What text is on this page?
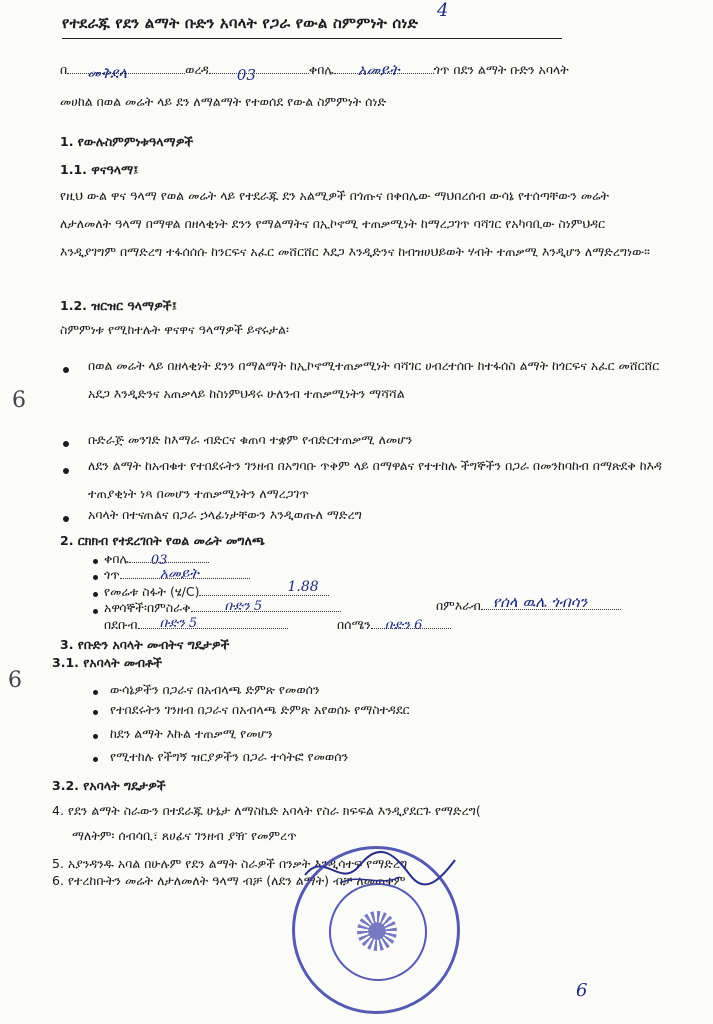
4
የተደራጁ የደን ልማት ቡድን አባላት የጋራ የውል ስምምነት ሰነድ
በ መቅደላ	ወረዳ 03	ቀበሌ አመይት	ጎጥ በደን ልማት ቡድን አባላት
መሀከል በወል መሬት ላይ ደን ለማልማት የተወሰደ የውል ስምምነት ሰነድ
1. የውሉስምምነቱዓላማዎች
1.1. ዋናዓላማ፤
የዚህ ውል ዋና ዓላማ የወል መሬት ላይ የተደራጁ ደን አልሚዎች በጎጡና በቀበሌው ማህበረሰብ ውሳኔ የተሰጣቸውን መሬት ለታለመለት ዓላማ በማዋል በዘላቂነት ደንን የማልማትና በኢኮኖሚ ተጠቃሚነት ከማረጋገጥ ባሻገር የአካባቢው ስነምህዳር እንዲያገግም በማድረግ ተፋሰሰሱ ከንርፍና አፈር መሸርሸር እደጋ እንዲድንና ከብዝሀህይወት ሃብት ተጠቃሚ እንዲሆን ለማድረግነው፡፡
1.2. ዝርዝር ዓላማዎች፤
ስምምነቱ የሚከተሉት ዋናዋና ዓላማዎች ይኖሩታል፡
6
በወል መሬት ላይ በዘላቂነት ደንን በማልማት ከኢኮኖሚተጠቃሚነት ባሻገር ሀብረተሰቡ ከተፋሰስ ልማት ከጎርፍና አፈር መሸርሸር አደጋ እንዲድንና አጠቃላይ ከስነምህዳሩ ሁለንብ ተጠቃሚነትን ማሻሻል
ቡድራጅ መንገድ ከእማራ ብድርና ቁጠባ ተቋም የብድርተጠቃሚ ለመሆን
ለደን ልማት ከአብቁተ የተበደሩትን ገንዘብ በአግባቡ ጥቅም ላይ በማዋልና የተተከሉ ችግኞችን በጋራ በመንከባከብ በማጽደቅ ከእዳ ተጠያቂነት ነጻ በመሆን ተጠቃሚነትን ለማረጋገጥ
አባላት በተናጠልና በጋራ ኃላፊነታቸውን እንዲወጡለ ማድረግ
2. ርክክብ የተደረገበት የወል መሬት መግለጫ
ቀበሌ 03
ጎጥ	አመይት
የመሬቱ ስፋት (ሄ/C)	1.88
አዋሳኞች፡በምስራቅ	ቡድን 5	በምእራብ የሰላ ዉሌ ጎብሳን
በደቡብ ቡድን 5	በሰሜን ቡድን 6
3. የቡድን አባላት መብትና ግዴታዎች
3.1. የአባላት መብቶች
6	ውሳኔዎችን በጋራና በአብላጫ ድምጽ የመወሰን
የተበደሩትን ገንዘብ በጋራና በአብላጫ ድምጽ አየወሰኑ የማስተዳደር
ከደን ልማት እኩል ተጠቃሚ የመሆን
የሚተከሉ የችግኝ ዝርያዎችን በጋራ ተሳትፎ የመወሰን
3.2. የአባላት ግዴታዎች
4. የደን ልማት ስራውን በተደራጁ ሁኔታ ለማስኬድ አባላት የስራ ክፍፍል እንዲያደርጉ የማድረግ(
ማለትም፡ ሰብሳቢ፣ ጸሀፊና ገንዘብ ያዥ የመምረጥ
5. አያንዳንዱ አባል በሁሉም የደን ልማት ስራዎች በንቃት እንዲሳተፍ የማድረግ
6. የተረከቡትን መሬት ለታለመለት ዓላማ ብቻ (ለደን ልማት) ብቻ ለመጠቀም
6
